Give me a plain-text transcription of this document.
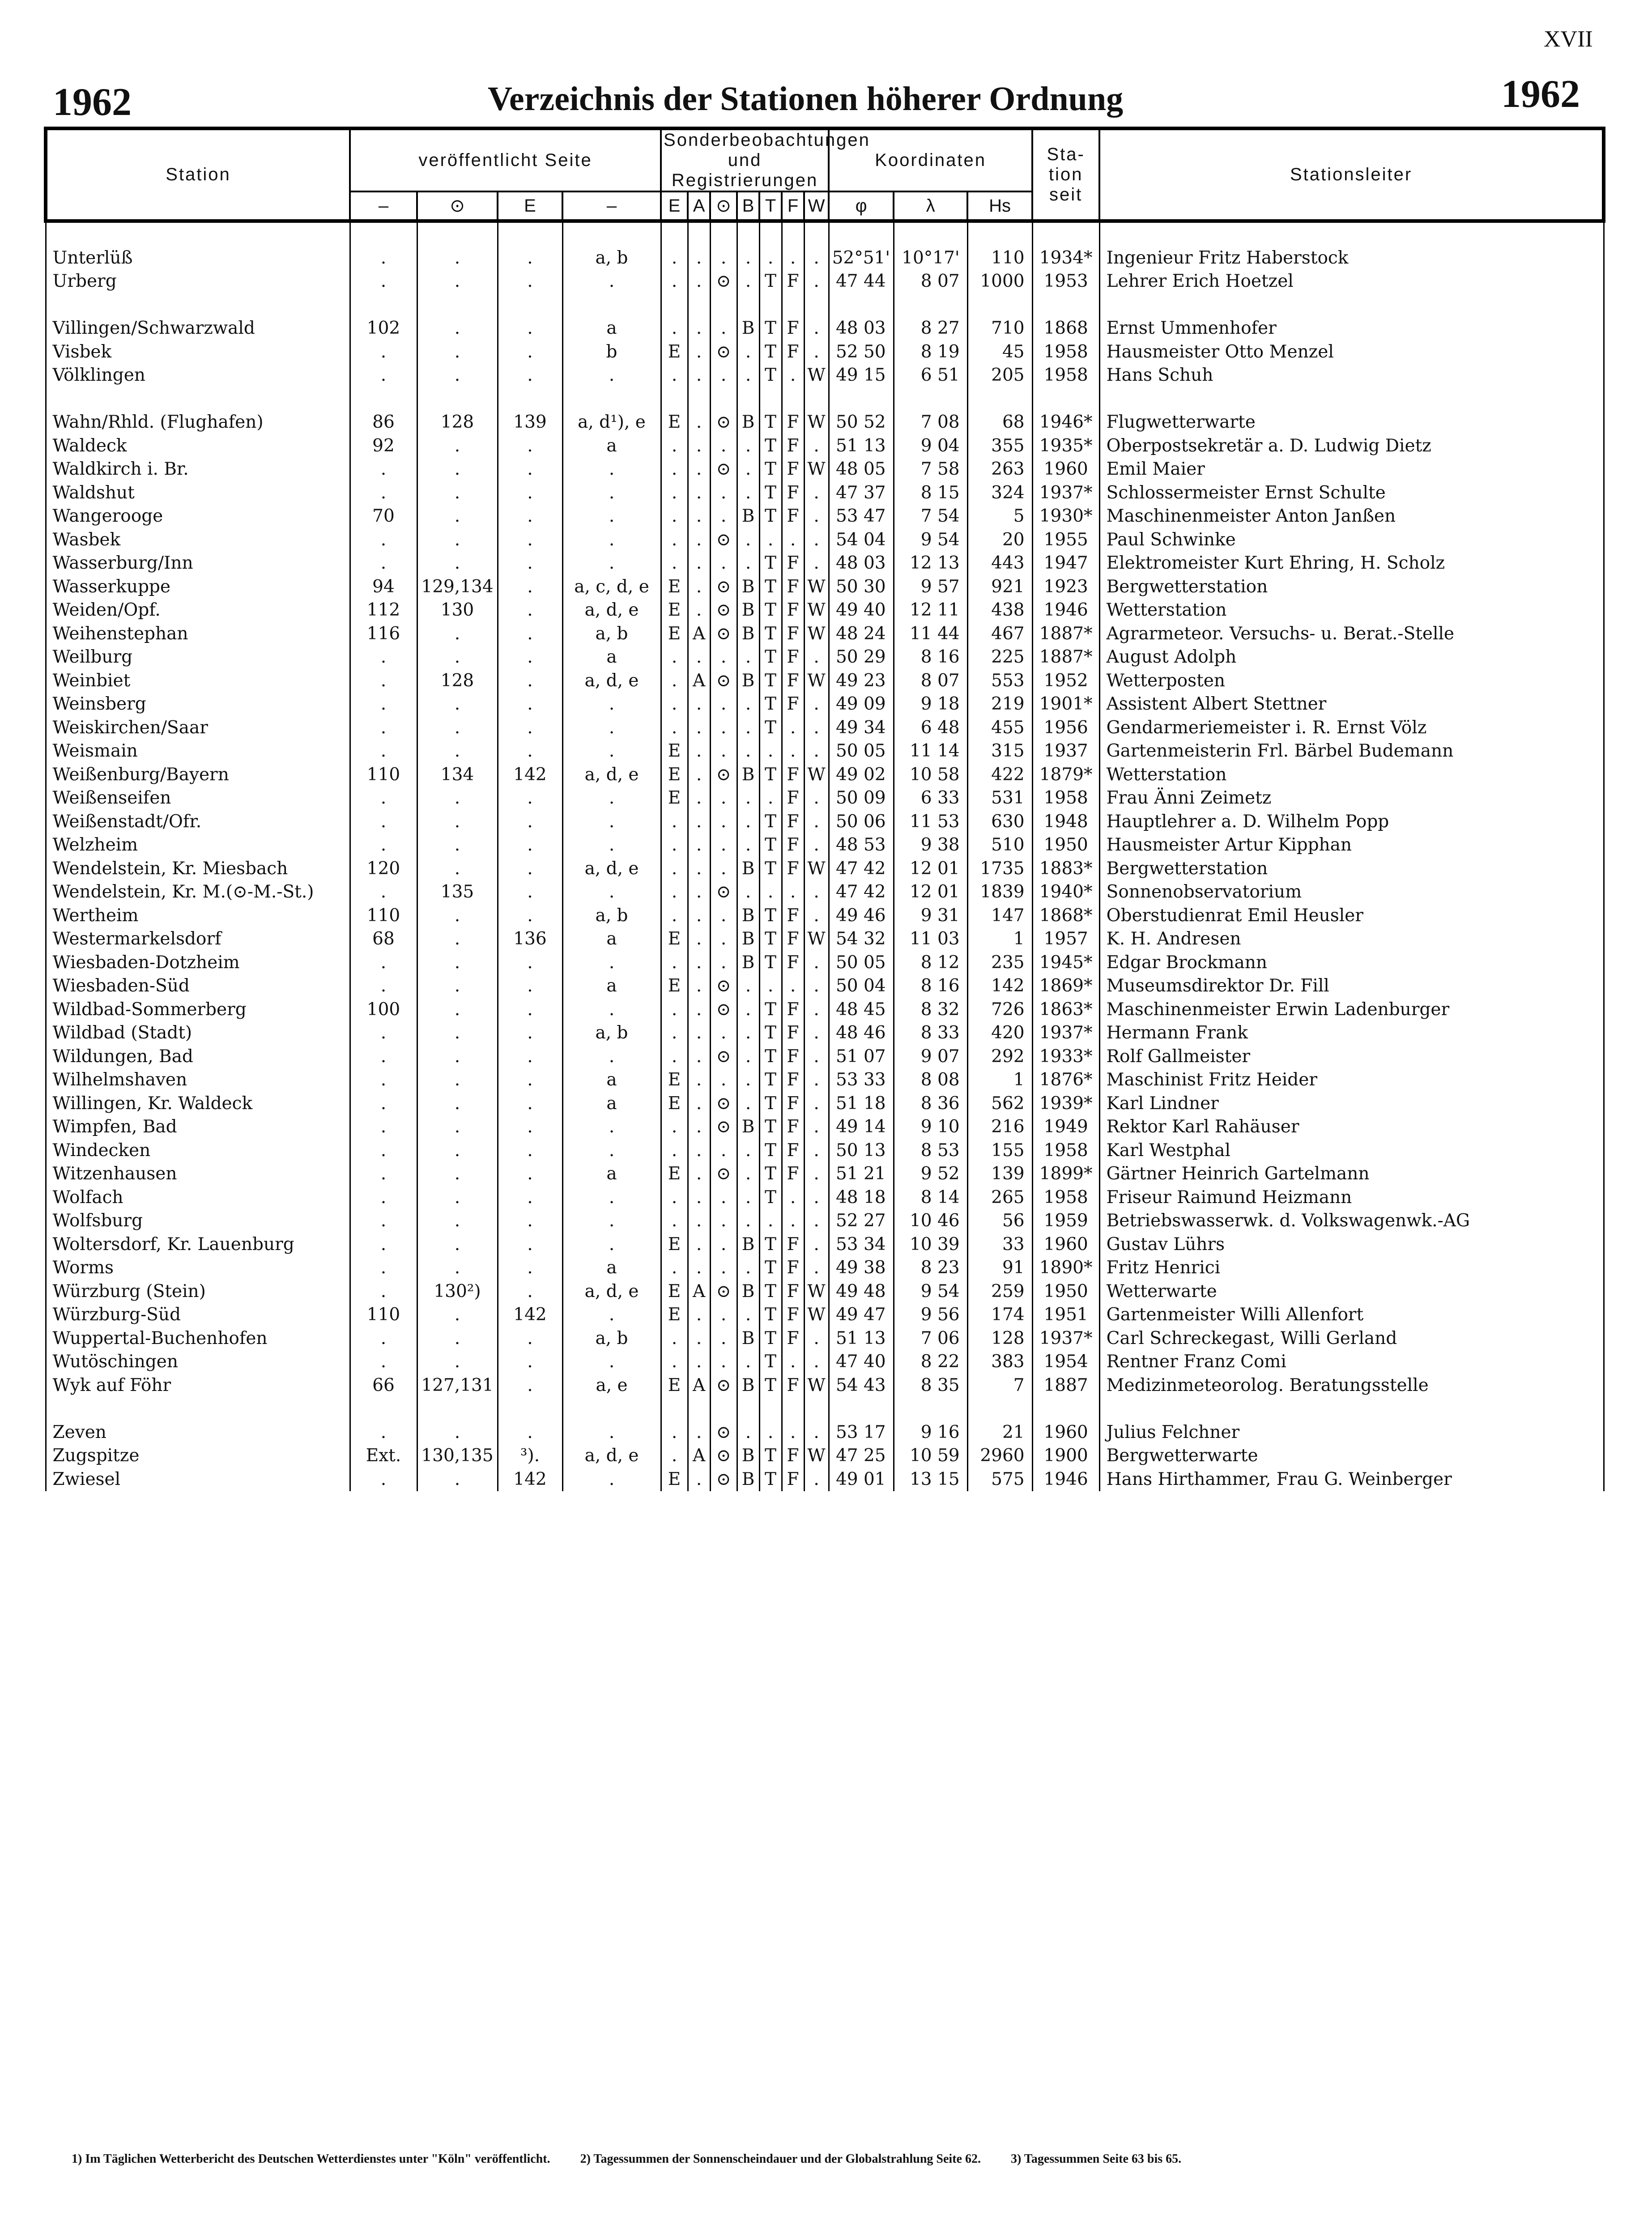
XVII
1962	Verzeichnis der Stationen höherer Ordnung	1962
Station	veröffentlicht Seite				Sonderbeobachtungen und Registrierungen							Koordinaten			Sta-tion seit	Stationsleiter
	–	⊙	E	–	E	A	⊙	B	T	F	W	φ	λ	Hs		

Unterlüß	.	.	.	a, b	.	.	.	.	.	.	.	52°51'	10°17'	110	1934*	Ingenieur Fritz Haberstock
Urberg	.	.	.	.	.	.	⊙	.	T	F	.	47 44	8 07	1000	1953	Lehrer Erich Hoetzel

Villingen/Schwarzwald	102	.	.	a	.	.	.	B	T	F	.	48 03	8 27	710	1868	Ernst Ummenhofer
Visbek	.	.	.	b	E	.	⊙	.	T	F	.	52 50	8 19	45	1958	Hausmeister Otto Menzel
Völklingen	.	.	.	.	.	.	.	.	T	.	W	49 15	6 51	205	1958	Hans Schuh

Wahn/Rhld. (Flughafen)	86	128	139	a, d¹), e	E	.	⊙	B	T	F	W	50 52	7 08	68	1946*	Flugwetterwarte
Waldeck	92	.	.	a	.	.	.	.	T	F	.	51 13	9 04	355	1935*	Oberpostsekretär a. D. Ludwig Dietz
Waldkirch i. Br.	.	.	.	.	.	.	⊙	.	T	F	W	48 05	7 58	263	1960	Emil Maier
Waldshut	.	.	.	.	.	.	.	.	T	F	.	47 37	8 15	324	1937*	Schlossermeister Ernst Schulte
Wangerooge	70	.	.	.	.	.	.	B	T	F	.	53 47	7 54	5	1930*	Maschinenmeister Anton Janßen
Wasbek	.	.	.	.	.	.	⊙	.	.	.	.	54 04	9 54	20	1955	Paul Schwinke
Wasserburg/Inn	.	.	.	.	.	.	.	.	T	F	.	48 03	12 13	443	1947	Elektromeister Kurt Ehring, H. Scholz
Wasserkuppe	94	129,134	.	a, c, d, e	E	.	⊙	B	T	F	W	50 30	9 57	921	1923	Bergwetterstation
Weiden/Opf.	112	130	.	a, d, e	E	.	⊙	B	T	F	W	49 40	12 11	438	1946	Wetterstation
Weihenstephan	116	.	.	a, b	E	A	⊙	B	T	F	W	48 24	11 44	467	1887*	Agrarmeteor. Versuchs- u. Berat.-Stelle
Weilburg	.	.	.	a	.	.	.	.	T	F	.	50 29	8 16	225	1887*	August Adolph
Weinbiet	.	128	.	a, d, e	.	A	⊙	B	T	F	W	49 23	8 07	553	1952	Wetterposten
Weinsberg	.	.	.	.	.	.	.	.	T	F	.	49 09	9 18	219	1901*	Assistent Albert Stettner
Weiskirchen/Saar	.	.	.	.	.	.	.	.	T	.	.	49 34	6 48	455	1956	Gendarmeriemeister i. R. Ernst Völz
Weismain	.	.	.	.	E	.	.	.	.	.	.	50 05	11 14	315	1937	Gartenmeisterin Frl. Bärbel Budemann
Weißenburg/Bayern	110	134	142	a, d, e	E	.	⊙	B	T	F	W	49 02	10 58	422	1879*	Wetterstation
Weißenseifen	.	.	.	.	E	.	.	.	.	F	.	50 09	6 33	531	1958	Frau Änni Zeimetz
Weißenstadt/Ofr.	.	.	.	.	.	.	.	.	T	F	.	50 06	11 53	630	1948	Hauptlehrer a. D. Wilhelm Popp
Welzheim	.	.	.	.	.	.	.	.	T	F	.	48 53	9 38	510	1950	Hausmeister Artur Kipphan
Wendelstein, Kr. Miesbach	120	.	.	a, d, e	.	.	.	B	T	F	W	47 42	12 01	1735	1883*	Bergwetterstation
Wendelstein, Kr. M.(⊙-M.-St.)	.	135	.	.	.	.	⊙	.	.	.	.	47 42	12 01	1839	1940*	Sonnenobservatorium
Wertheim	110	.	.	a, b	.	.	.	B	T	F	.	49 46	9 31	147	1868*	Oberstudienrat Emil Heusler
Westermarkelsdorf	68	.	136	a	E	.	.	B	T	F	W	54 32	11 03	1	1957	K. H. Andresen
Wiesbaden-Dotzheim	.	.	.	.	.	.	.	B	T	F	.	50 05	8 12	235	1945*	Edgar Brockmann
Wiesbaden-Süd	.	.	.	a	E	.	⊙	.	.	.	.	50 04	8 16	142	1869*	Museumsdirektor Dr. Fill
Wildbad-Sommerberg	100	.	.	.	.	.	⊙	.	T	F	.	48 45	8 32	726	1863*	Maschinenmeister Erwin Ladenburger
Wildbad (Stadt)	.	.	.	a, b	.	.	.	.	T	F	.	48 46	8 33	420	1937*	Hermann Frank
Wildungen, Bad	.	.	.	.	.	.	⊙	.	T	F	.	51 07	9 07	292	1933*	Rolf Gallmeister
Wilhelmshaven	.	.	.	a	E	.	.	.	T	F	.	53 33	8 08	1	1876*	Maschinist Fritz Heider
Willingen, Kr. Waldeck	.	.	.	a	E	.	⊙	.	T	F	.	51 18	8 36	562	1939*	Karl Lindner
Wimpfen, Bad	.	.	.	.	.	.	⊙	B	T	F	.	49 14	9 10	216	1949	Rektor Karl Rahäuser
Windecken	.	.	.	.	.	.	.	.	T	F	.	50 13	8 53	155	1958	Karl Westphal
Witzenhausen	.	.	.	a	E	.	⊙	.	T	F	.	51 21	9 52	139	1899*	Gärtner Heinrich Gartelmann
Wolfach	.	.	.	.	.	.	.	.	T	.	.	48 18	8 14	265	1958	Friseur Raimund Heizmann
Wolfsburg	.	.	.	.	.	.	.	.	.	.	.	52 27	10 46	56	1959	Betriebswasserwk. d. Volkswagenwk.-AG
Woltersdorf, Kr. Lauenburg	.	.	.	.	E	.	.	B	T	F	.	53 34	10 39	33	1960	Gustav Lührs
Worms	.	.	.	a	.	.	.	.	T	F	.	49 38	8 23	91	1890*	Fritz Henrici
Würzburg (Stein)	.	130²)	.	a, d, e	E	A	⊙	B	T	F	W	49 48	9 54	259	1950	Wetterwarte
Würzburg-Süd	110	.	142	.	E	.	.	.	T	F	W	49 47	9 56	174	1951	Gartenmeister Willi Allenfort
Wuppertal-Buchenhofen	.	.	.	a, b	.	.	.	B	T	F	.	51 13	7 06	128	1937*	Carl Schreckegast, Willi Gerland
Wutöschingen	.	.	.	.	.	.	.	.	T	.	.	47 40	8 22	383	1954	Rentner Franz Comi
Wyk auf Föhr	66	127,131	.	a, e	E	A	⊙	B	T	F	W	54 43	8 35	7	1887	Medizinmeteorolog. Beratungsstelle

Zeven	.	.	.	.	.	.	⊙	.	.	.	.	53 17	9 16	21	1960	Julius Felchner
Zugspitze	Ext.	130,135	³).	a, d, e	.	A	⊙	B	T	F	W	47 25	10 59	2960	1900	Bergwetterwarte
Zwiesel	.	.	142	.	E	.	⊙	B	T	F	.	49 01	13 15	575	1946	Hans Hirthammer, Frau G. Weinberger
1) Im Täglichen Wetterbericht des Deutschen Wetterdienstes unter "Köln" veröffentlicht. 2) Tagessummen der Sonnenscheindauer und der Globalstrahlung Seite 62. 3) Tagessummen Seite 63 bis 65.
